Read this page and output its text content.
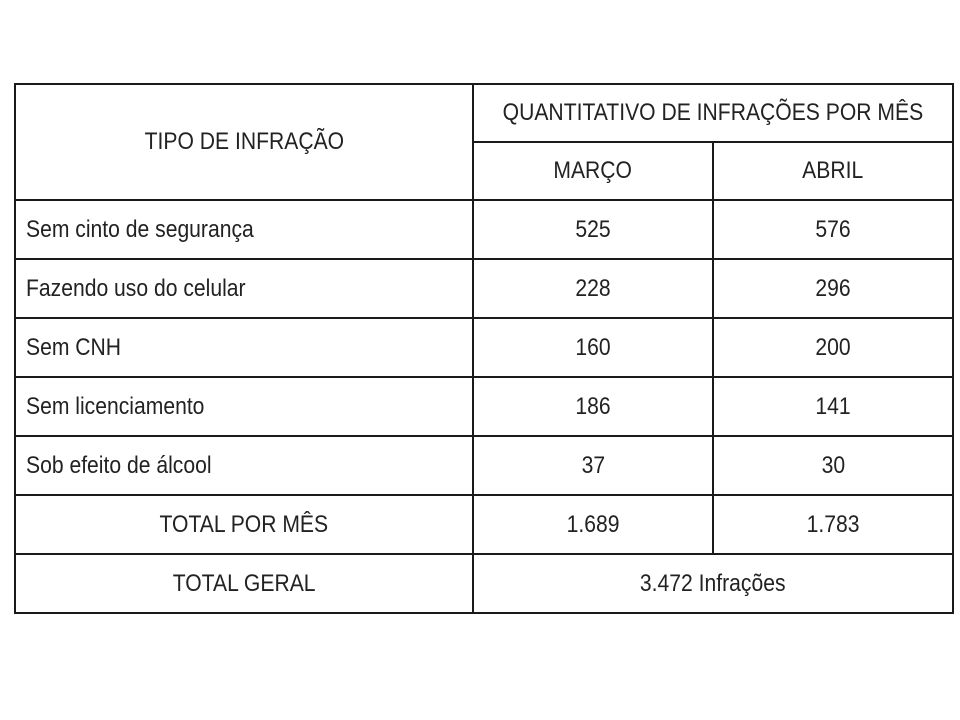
TIPO DE INFRAÇÃO	QUANTITATIVO DE INFRAÇÕES POR MÊS	
	MARÇO	ABRIL
Sem cinto de segurança	525	576
Fazendo uso do celular	228	296
Sem CNH	160	200
Sem licenciamento	186	141
Sob efeito de álcool	37	30
TOTAL POR MÊS	1.689	1.783
TOTAL GERAL	3.472 Infrações	
